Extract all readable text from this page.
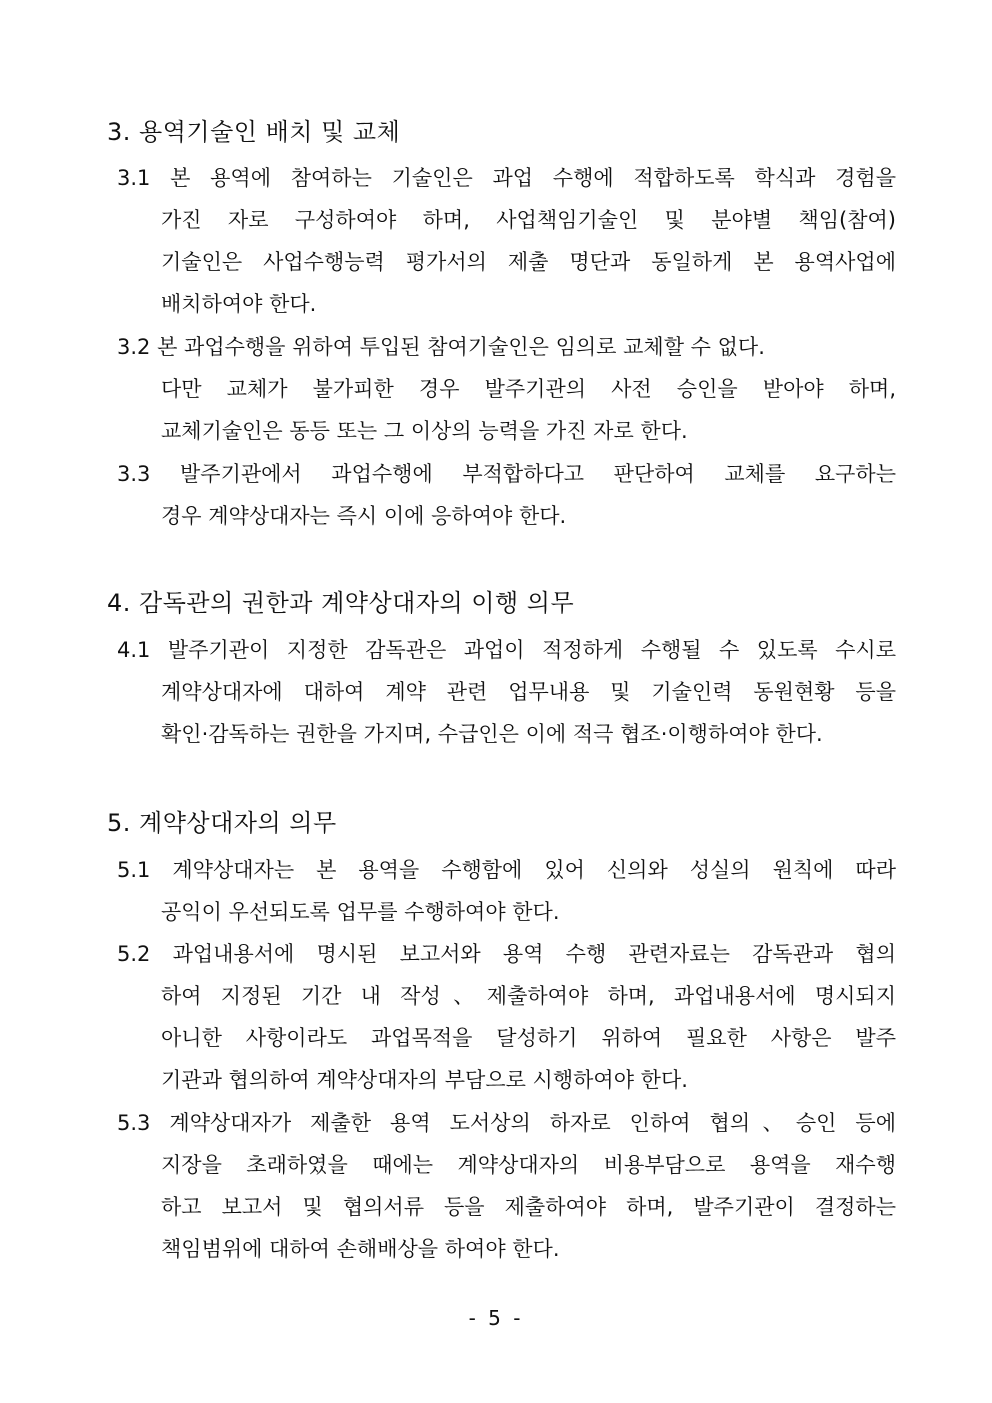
3. 용역기술인 배치 및 교체
3.1 본 용역에 참여하는 기술인은 과업 수행에 적합하도록 학식과 경험을
가진 자로 구성하여야 하며, 사업책임기술인 및 분야별 책임(참여)
기술인은 사업수행능력 평가서의 제출 명단과 동일하게 본 용역사업에
배치하여야 한다.
3.2 본 과업수행을 위하여 투입된 참여기술인은 임의로 교체할 수 없다.
다만 교체가 불가피한 경우 발주기관의 사전 승인을 받아야 하며,
교체기술인은 동등 또는 그 이상의 능력을 가진 자로 한다.
3.3 발주기관에서 과업수행에 부적합하다고 판단하여 교체를 요구하는
경우 계약상대자는 즉시 이에 응하여야 한다.
4. 감독관의 권한과 계약상대자의 이행 의무
4.1 발주기관이 지정한 감독관은 과업이 적정하게 수행될 수 있도록 수시로
계약상대자에 대하여 계약 관련 업무내용 및 기술인력 동원현황 등을
확인·감독하는 권한을 가지며, 수급인은 이에 적극 협조·이행하여야 한다.
5. 계약상대자의 의무
5.1 계약상대자는 본 용역을 수행함에 있어 신의와 성실의 원칙에 따라
공익이 우선되도록 업무를 수행하여야 한다.
5.2 과업내용서에 명시된 보고서와 용역 수행 관련자료는 감독관과 협의
하여 지정된 기간 내 작성、제출하여야 하며, 과업내용서에 명시되지
아니한 사항이라도 과업목적을 달성하기 위하여 필요한 사항은 발주
기관과 협의하여 계약상대자의 부담으로 시행하여야 한다.
5.3 계약상대자가 제출한 용역 도서상의 하자로 인하여 협의、승인 등에
지장을 초래하였을 때에는 계약상대자의 비용부담으로 용역을 재수행
하고 보고서 및 협의서류 등을 제출하여야 하며, 발주기관이 결정하는
책임범위에 대하여 손해배상을 하여야 한다.
- 5 -
